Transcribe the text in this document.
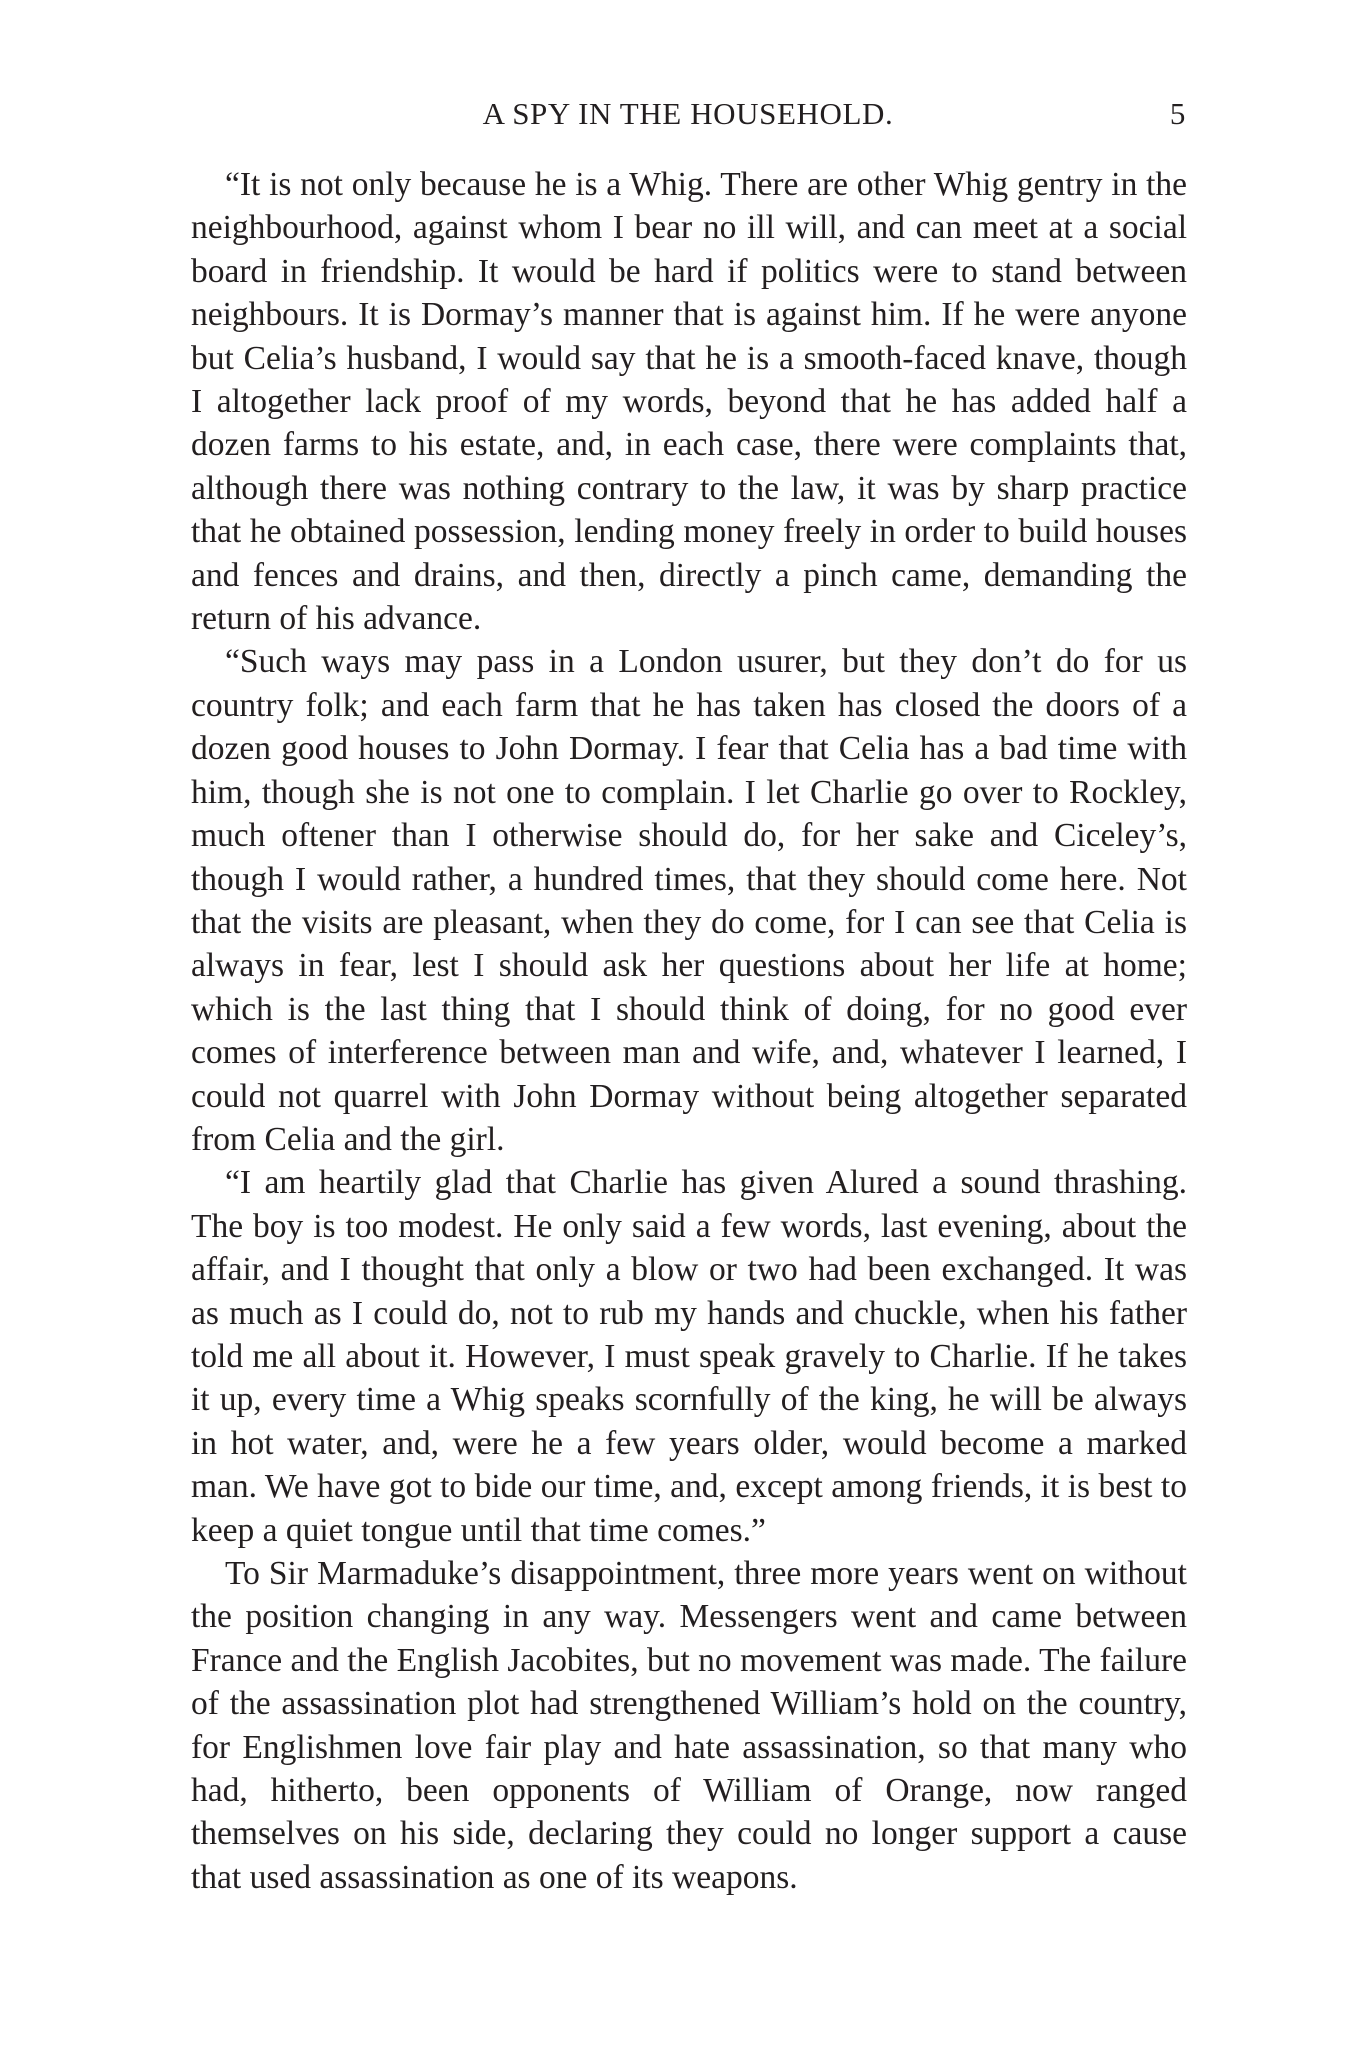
A SPY IN THE HOUSEHOLD.	5

“It is not only because he is a Whig. There are other Whig gentry in the neighbourhood, against whom I bear no ill will, and can meet at a social board in friendship. It would be hard if politics were to stand between neighbours. It is Dormay’s manner that is against him. If he were anyone but Celia’s husband, I would say that he is a smooth-faced knave, though I altogether lack proof of my words, beyond that he has added half a dozen farms to his estate, and, in each case, there were complaints that, although there was nothing contrary to the law, it was by sharp practice that he obtained possession, lending money freely in order to build houses and fences and drains, and then, directly a pinch came, demanding the return of his advance.

“Such ways may pass in a London usurer, but they don’t do for us country folk; and each farm that he has taken has closed the doors of a dozen good houses to John Dormay. I fear that Celia has a bad time with him, though she is not one to complain. I let Charlie go over to Rockley, much oftener than I otherwise should do, for her sake and Ciceley’s, though I would rather, a hundred times, that they should come here. Not that the visits are pleasant, when they do come, for I can see that Celia is always in fear, lest I should ask her questions about her life at home; which is the last thing that I should think of doing, for no good ever comes of interference between man and wife, and, whatever I learned, I could not quarrel with John Dormay without being altogether separated from Celia and the girl.

“I am heartily glad that Charlie has given Alured a sound thrashing. The boy is too modest. He only said a few words, last evening, about the affair, and I thought that only a blow or two had been exchanged. It was as much as I could do, not to rub my hands and chuckle, when his father told me all about it. However, I must speak gravely to Charlie. If he takes it up, every time a Whig speaks scornfully of the king, he will be always in hot water, and, were he a few years older, would become a marked man. We have got to bide our time, and, except among friends, it is best to keep a quiet tongue until that time comes.”

To Sir Marmaduke’s disappointment, three more years went on without the position changing in any way. Messengers went and came between France and the English Jacobites, but no movement was made. The failure of the assassination plot had strengthened William’s hold on the country, for Englishmen love fair play and hate assassination, so that many who had, hitherto, been opponents of William of Orange, now ranged themselves on his side, declaring they could no longer support a cause that used assassination as one of its weapons.
